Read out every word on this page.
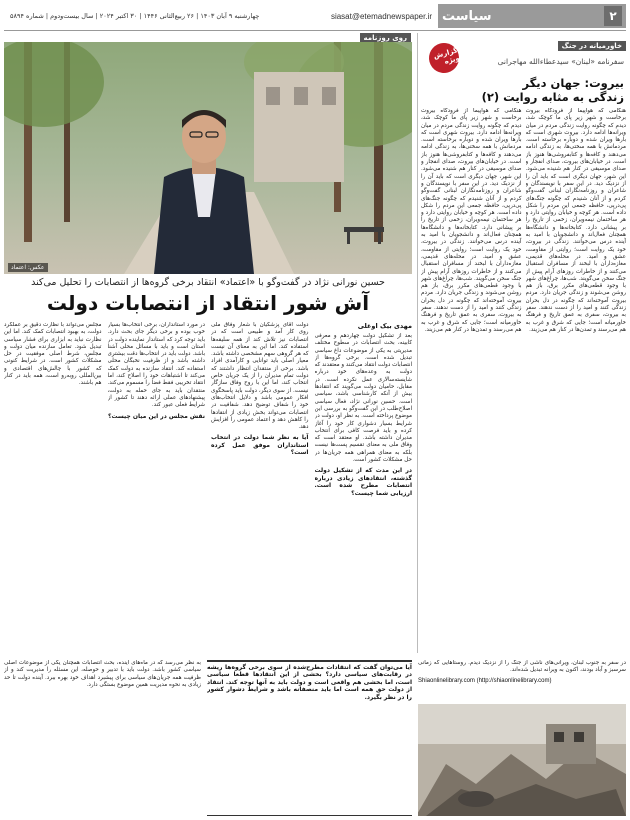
۲
سیاست
siasat@etemadnewspaper.ir
چهارشنبه ۹ آبان ۱۴۰۳ | ۲۶ ربیع‌الثانی ۱۴۴۶ | ۳۰ اکتبر ۲۰۲۴ | سال بیست‌ودوم | شماره ۵۸۹۴
خاورمیانه در جنگ
گزارش ویژه	سفرنامه «لبنان» سیدعطاءالله مهاجرانی
بیروت: جهان دیگر
زندگی به مثابه روایت (۲)
هنگامی که هواپیما از فرودگاه بیروت برخاست و شهر زیر پای ما کوچک شد، دیدم که چگونه روایت زندگی مردم در میان ویرانه‌ها ادامه دارد. بیروت شهری است که بارها ویران شده و دوباره برخاسته است. مردمانش با همه سختی‌ها، به زندگی ادامه می‌دهند و کافه‌ها و کتابفروشی‌ها هنوز باز است. در خیابان‌های بیروت، صدای انفجار و صدای موسیقی در کنار هم شنیده می‌شود. این شهر، جهان دیگری است که باید آن را از نزدیک دید. در این سفر با نویسندگان و شاعران و روزنامه‌نگاران لبنانی گفت‌وگو کردم و از آنان شنیدم که چگونه جنگ‌های پی‌درپی، حافظه جمعی این مردم را شکل داده است. هر کوچه و خیابان روایتی دارد و هر ساختمان نیمه‌ویران، زخمی از تاریخ را بر پیشانی دارد. کتابخانه‌ها و دانشگاه‌ها همچنان فعال‌اند و دانشجویان با امید به آینده درس می‌خوانند. زندگی در بیروت، خود یک روایت است؛ روایتی از مقاومت، عشق و امید. در محله‌های قدیمی، مغازه‌داران با لبخند از مسافران استقبال می‌کنند و از خاطرات روزهای آرام پیش از جنگ سخن می‌گویند. شب‌ها، چراغ‌های شهر با وجود قطعی‌های مکرر برق، باز هم روشن می‌شوند و زندگی جریان دارد. مردم بیروت آموخته‌اند که چگونه در دل بحران زندگی کنند و امید را از دست ندهند. سفر به بیروت، سفری به عمق تاریخ و فرهنگ خاورمیانه است؛ جایی که شرق و غرب به هم می‌رسند و تمدن‌ها در کنار هم می‌زیند.
هنگامی که هواپیما از فرودگاه بیروت برخاست و شهر زیر پای ما کوچک شد، دیدم که چگونه روایت زندگی مردم در میان ویرانه‌ها ادامه دارد. بیروت شهری است که بارها ویران شده و دوباره برخاسته است. مردمانش با همه سختی‌ها، به زندگی ادامه می‌دهند و کافه‌ها و کتابفروشی‌ها هنوز باز است. در خیابان‌های بیروت، صدای انفجار و صدای موسیقی در کنار هم شنیده می‌شود. این شهر، جهان دیگری است که باید آن را از نزدیک دید. در این سفر با نویسندگان و شاعران و روزنامه‌نگاران لبنانی گفت‌وگو کردم و از آنان شنیدم که چگونه جنگ‌های پی‌درپی، حافظه جمعی این مردم را شکل داده است. هر کوچه و خیابان روایتی دارد و هر ساختمان نیمه‌ویران، زخمی از تاریخ را بر پیشانی دارد. کتابخانه‌ها و دانشگاه‌ها همچنان فعال‌اند و دانشجویان با امید به آینده درس می‌خوانند. زندگی در بیروت، خود یک روایت است؛ روایتی از مقاومت، عشق و امید. در محله‌های قدیمی، مغازه‌داران با لبخند از مسافران استقبال می‌کنند و از خاطرات روزهای آرام پیش از جنگ سخن می‌گویند. شب‌ها، چراغ‌های شهر با وجود قطعی‌های مکرر برق، باز هم روشن می‌شوند و زندگی جریان دارد. مردم بیروت آموخته‌اند که چگونه در دل بحران زندگی کنند و امید را از دست ندهند. سفر به بیروت، سفری به عمق تاریخ و فرهنگ خاورمیانه است؛ جایی که شرق و غرب به هم می‌رسند و تمدن‌ها در کنار هم می‌زیند.
روی روزنامه
عکس: اعتماد
حسین نورانی نژاد در گفت‌وگو با «اعتماد» انتقاد برخی گروه‌ها از انتصابات را تحلیل می‌کند
آش شور انتقاد از انتصابات دولت
مهدی بیک اوغلی
بعد از تشکیل دولت چهاردهم و معرفی کابینه، بحث انتصابات در سطوح مختلف مدیریتی به یکی از موضوعات داغ سیاسی تبدیل شده است. برخی گروه‌ها از انتصابات دولت انتقاد می‌کنند و معتقدند که دولت به وعده‌های خود درباره شایسته‌سالاری عمل نکرده است. در مقابل، حامیان دولت می‌گویند که انتقادها بیش از آنکه کارشناسی باشد، سیاسی است. حسین نورانی نژاد، فعال سیاسی اصلاح‌طلب در این گفت‌وگو به بررسی این موضوع پرداخته است. به نظر او، دولت در شرایط بسیار دشواری کار خود را آغاز کرده و باید فرصت کافی برای انتخاب مدیران داشته باشد. او معتقد است که وفاق ملی به معنای تقسیم پست‌ها نیست بلکه به معنای همراهی همه جریان‌ها در حل مشکلات کشور است.
در این مدت که از تشکیل دولت گذشته، انتقادهای زیادی درباره انتصابات مطرح شده است. ارزیابی شما چیست؟
دولت آقای پزشکیان با شعار وفاق ملی روی کار آمد و طبیعی است که در انتصابات نیز تلاش کند از همه سلیقه‌ها استفاده کند. اما این به معنای آن نیست که هر گروهی سهم مشخصی داشته باشد. معیار اصلی باید توانایی و کارآمدی افراد باشد. برخی از منتقدان انتظار داشتند که دولت تمام مدیران را از یک جریان خاص انتخاب کند، اما این با روح وفاق سازگار نیست. از سوی دیگر، دولت باید پاسخگوی افکار عمومی باشد و دلایل انتخاب‌های خود را شفاف توضیح دهد. شفافیت در انتصابات می‌تواند بخش زیادی از انتقادها را کاهش دهد و اعتماد عمومی را افزایش دهد.
آیا به نظر شما دولت در انتخاب استانداران موفق عمل کرده است؟
در مورد استانداران، برخی انتخاب‌ها بسیار خوب بوده و برخی دیگر جای بحث دارد. باید توجه کرد که استاندار نماینده دولت در استان است و باید با مسائل محلی آشنا باشد. دولت باید در انتخاب‌ها دقت بیشتری داشته باشد و از ظرفیت نخبگان محلی استفاده کند. انتقاد سازنده به دولت کمک می‌کند تا اشتباهات خود را اصلاح کند، اما انتقاد تخریبی فقط فضا را مسموم می‌کند. منتقدان باید به جای حمله به دولت، پیشنهادهای عملی ارائه دهند تا کشور از شرایط فعلی عبور کند.
نقش مجلس در این میان چیست؟
مجلس می‌تواند با نظارت دقیق بر عملکرد دولت، به بهبود انتصابات کمک کند. اما این نظارت نباید به ابزاری برای فشار سیاسی تبدیل شود. تعامل سازنده میان دولت و مجلس، شرط اصلی موفقیت در حل مشکلات کشور است. در شرایط کنونی که کشور با چالش‌های اقتصادی و بین‌المللی روبه‌رو است، همه باید در کنار هم باشند.
در سفر به جنوب لبنان، ویرانی‌های ناشی از جنگ را از نزدیک دیدم. روستاهایی که زمانی سرسبز و آباد بودند، اکنون به ویرانه تبدیل شده‌اند.
Shiaonlinelibrary.com (http://shiaonlinelibrary.com)
آیا می‌توان گفت که انتقادات مطرح‌شده از سوی برخی گروه‌ها ریشه در رقابت‌های سیاسی دارد؟ بخشی از این انتقادها قطعا سیاسی است، اما بخشی هم واقعی است و دولت باید به آنها توجه کند. انتقاد از دولت حق همه است اما باید منصفانه باشد و شرایط دشوار کشور را در نظر بگیرد.
به نظر می‌رسد که در ماه‌های آینده، بحث انتصابات همچنان یکی از موضوعات اصلی سیاسی کشور باشد. دولت باید با تدبیر و حوصله، این مسئله را مدیریت کند و از ظرفیت همه جریان‌های سیاسی برای پیشبرد اهداف خود بهره ببرد. آینده دولت تا حد زیادی به نحوه مدیریت همین موضوع بستگی دارد.
